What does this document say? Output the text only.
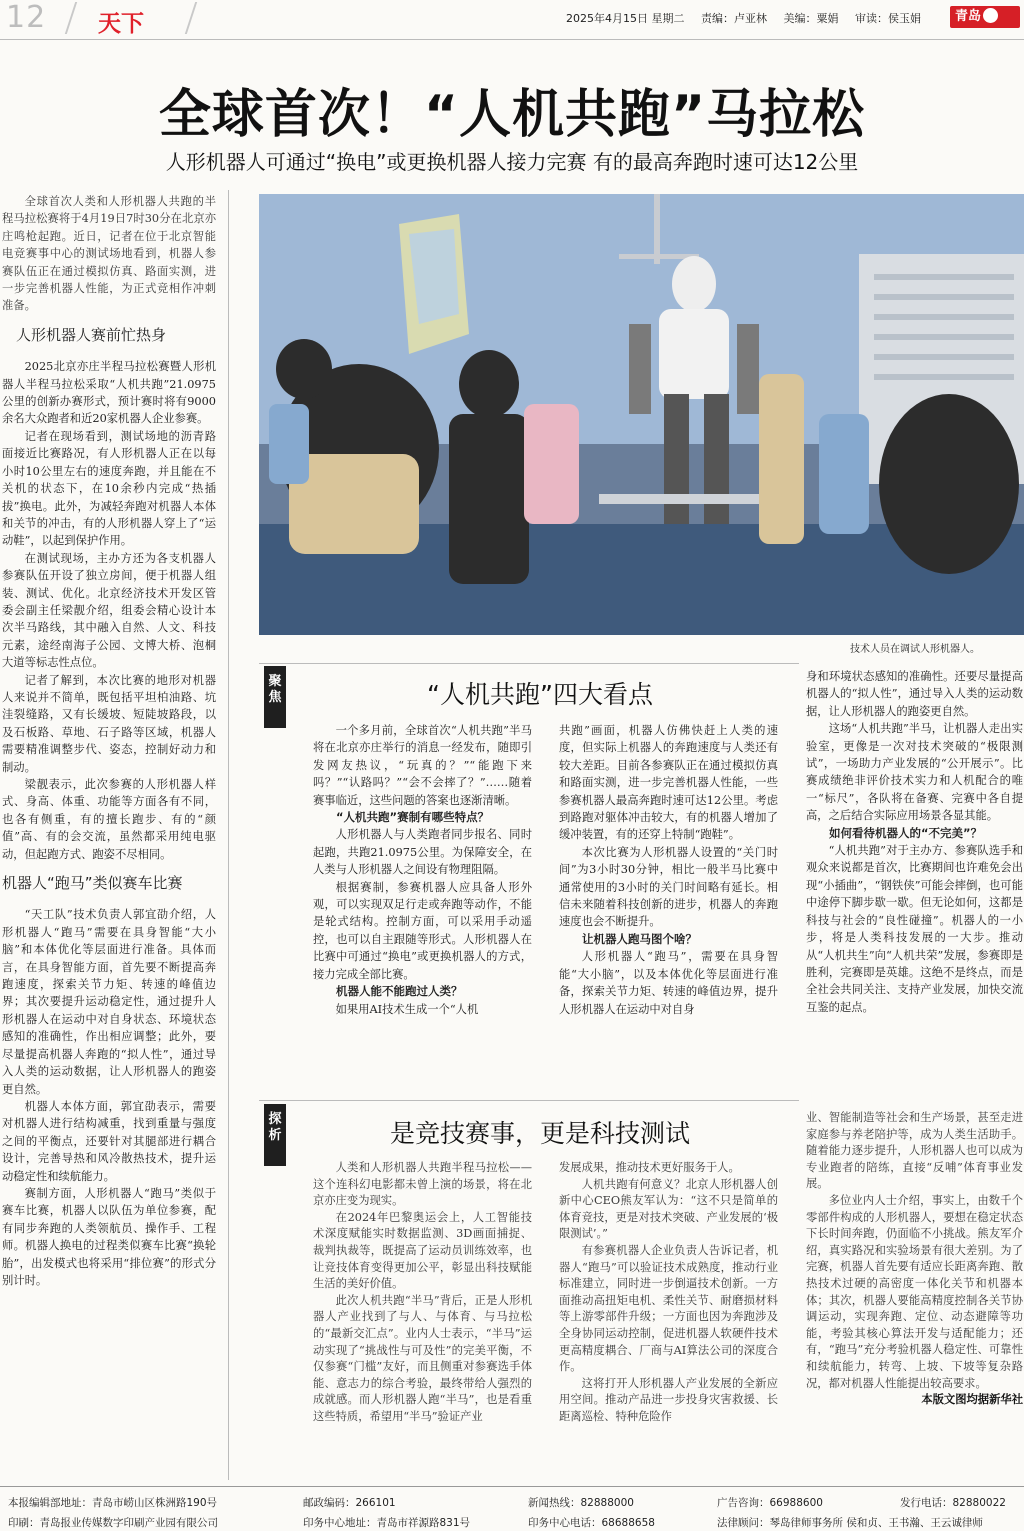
12 天下	2025年4月15日 星期二 责编：卢亚林 美编：粟娟 审读：侯玉娟	青岛
全球首次！“人机共跑”马拉松
人形机器人可通过“换电”或更换机器人接力完赛 有的最高奔跑时速可达12公里

全球首次人类和人形机器人共跑的半程马拉松赛将于4月19日7时30分在北京亦庄鸣枪起跑。近日，记者在位于北京智能电竞赛事中心的测试场地看到，机器人参赛队伍正在通过模拟仿真、路面实测，进一步完善机器人性能，为正式竞相作冲刺准备。

人形机器人赛前忙热身

2025北京亦庄半程马拉松赛暨人形机器人半程马拉松采取“人机共跑”21.0975公里的创新办赛形式，预计赛时将有9000余名大众跑者和近20家机器人企业参赛。

记者在现场看到，测试场地的沥青路面接近比赛路况，有人形机器人正在以每小时10公里左右的速度奔跑，并且能在不关机的状态下，在10余秒内完成“热插拔”换电。此外，为减轻奔跑对机器人本体和关节的冲击，有的人形机器人穿上了“运动鞋”，以起到保护作用。

在测试现场，主办方还为各支机器人参赛队伍开设了独立房间，便于机器人组装、测试、优化。北京经济技术开发区管委会副主任梁靓介绍，组委会精心设计本次半马路线，其中融入自然、人文、科技元素，途经南海子公园、文博大桥、泡桐大道等标志性点位。

记者了解到，本次比赛的地形对机器人来说并不简单，既包括平坦柏油路、坑洼裂缝路，又有长缓坡、短陡坡路段，以及石板路、草地、石子路等区域，机器人需要精准调整步代、姿态，控制好动力和制动。

梁靓表示，此次参赛的人形机器人样式、身高、体重、功能等方面各有不同，也各有侧重，有的擅长跑步、有的“颜值”高、有的会交流，虽然都采用纯电驱动，但起跑方式、跑姿不尽相同。

机器人“跑马”类似赛车比赛

“天工队”技术负责人郭宜劭介绍，人形机器人“跑马”需要在具身智能“大小脑”和本体优化等层面进行准备。具体而言，在具身智能方面，首先要不断提高奔跑速度，探索关节力矩、转速的峰值边界；其次要提升运动稳定性，通过提升人形机器人在运动中对自身状态、环境状态感知的准确性，作出相应调整；此外，要尽量提高机器人奔跑的“拟人性”，通过导入人类的运动数据，让人形机器人的跑姿更自然。

机器人本体方面，郭宜劭表示，需要对机器人进行结构减重，找到重量与强度之间的平衡点，还要针对其腿部进行耦合设计，完善导热和风冷散热技术，提升运动稳定性和续航能力。

赛制方面，人形机器人“跑马”类似于赛车比赛，机器人以队伍为单位参赛，配有同步奔跑的人类领航员、操作手、工程师。机器人换电的过程类似赛车比赛“换轮胎”，出发模式也将采用“排位赛”的形式分别计时。

技术人员在调试人形机器人。
聚焦	“人机共跑”四大看点

一个多月前，全球首次“人机共跑”半马将在北京亦庄举行的消息一经发布，随即引发网友热议，“玩真的？”“能跑下来吗？”“认路吗？”“会不会摔了？”……随着赛事临近，这些问题的答案也逐渐清晰。

“人机共跑”赛制有哪些特点？

人形机器人与人类跑者同步报名、同时起跑，共跑21.0975公里。为保障安全，在人类与人形机器人之间设有物理阻隔。

根据赛制，参赛机器人应具备人形外观，可以实现双足行走或奔跑等动作，不能是轮式结构。控制方面，可以采用手动遥控，也可以自主跟随等形式。人形机器人在比赛中可通过“换电”或更换机器人的方式，接力完成全部比赛。

机器人能不能跑过人类？

如果用AI技术生成一个“人机

共跑”画面，机器人仿佛快赶上人类的速度，但实际上机器人的奔跑速度与人类还有较大差距。目前各参赛队正在通过模拟仿真和路面实测，进一步完善机器人性能，一些参赛机器人最高奔跑时速可达12公里。考虑到路跑对躯体冲击较大，有的机器人增加了缓冲装置，有的还穿上特制“跑鞋”。

本次比赛为人形机器人设置的“关门时间”为3小时30分钟，相比一般半马比赛中通常使用的3小时的关门时间略有延长。相信未来随着科技创新的进步，机器人的奔跑速度也会不断提升。

让机器人跑马图个啥？

人形机器人“跑马”，需要在具身智能“大小脑”，以及本体优化等层面进行准备，探索关节力矩、转速的峰值边界，提升人形机器人在运动中对自身

身和环境状态感知的准确性。还要尽量提高机器人的“拟人性”，通过导入人类的运动数据，让人形机器人的跑姿更自然。

这场“人机共跑”半马，让机器人走出实验室，更像是一次对技术突破的“极限测试”，一场助力产业发展的“公开展示”。比赛成绩绝非评价技术实力和人机配合的唯一“标尺”，各队将在备赛、完赛中各自提高，之后结合实际应用场景各显其能。

如何看待机器人的“不完美”？

“人机共跑”对于主办方、参赛队选手和观众来说都是首次，比赛期间也许难免会出现“小插曲”，“钢铁侠”可能会摔倒，也可能中途停下脚步歇一歇。但无论如何，这都是科技与社会的“良性碰撞”。机器人的一小步，将是人类科技发展的一大步。推动从“人机共生”向“人机共荣”发展，参赛即是胜利，完赛即是英雄。这绝不是终点，而是全社会共同关注、支持产业发展，加快交流互鉴的起点。

探析	是竞技赛事，更是科技测试

人类和人形机器人共跑半程马拉松——这个连科幻电影都未曾上演的场景，将在北京亦庄变为现实。

在2024年巴黎奥运会上，人工智能技术深度赋能实时数据监测、3D画面捕捉、裁判执裁等，既提高了运动员训练效率，也让竞技体育变得更加公平，彰显出科技赋能生活的美好价值。

此次人机共跑“半马”背后，正是人形机器人产业找到了与人、与体育、与马拉松的“最新交汇点”。业内人士表示，“半马”运动实现了“挑战性与可及性”的完美平衡，不仅参赛“门槛”友好，而且侧重对参赛选手体能、意志力的综合考验，最终带给人强烈的成就感。而人形机器人跑“半马”，也是看重这些特质，希望用“半马”验证产业

发展成果，推动技术更好服务于人。

人机共跑有何意义？北京人形机器人创新中心CEO熊友军认为：“这不只是简单的体育竞技，更是对技术突破、产业发展的‘极限测试’。”

有参赛机器人企业负责人告诉记者，机器人“跑马”可以验证技术成熟度，推动行业标准建立，同时进一步倒逼技术创新。一方面推动高扭矩电机、柔性关节、耐磨损材料等上游零部件升级；一方面也因为奔跑涉及全身协同运动控制，促进机器人软硬件技术更高精度耦合、厂商与AI算法公司的深度合作。

这将打开人形机器人产业发展的全新应用空间。推动产品进一步投身灾害救援、长距离巡检、特种危险作

业、智能制造等社会和生产场景，甚至走进家庭参与养老陪护等，成为人类生活助手。随着能力逐步提升，人形机器人也可以成为专业跑者的陪练，直接“反哺”体育事业发展。

多位业内人士介绍，事实上，由数千个零部件构成的人形机器人，要想在稳定状态下长时间奔跑，仍面临不小挑战。熊友军介绍，真实路况和实验场景有很大差别。为了完赛，机器人首先要有适应长距离奔跑、散热技术过硬的高密度一体化关节和机器本体；其次，机器人要能高精度控制各关节协调运动，实现奔跑、定位、动态避障等功能，考验其核心算法开发与适配能力；还有，“跑马”充分考验机器人稳定性、可靠性和续航能力，转弯、上坡、下坡等复杂路况，都对机器人性能提出较高要求。

本版文图均据新华社
本报编辑部地址：青岛市崂山区株洲路190号
印刷：青岛报业传媒数字印刷产业园有限公司
邮政编码：266101
印务中心地址：青岛市祥源路831号
新闻热线：82888000
印务中心电话：68688658
广告咨询：66988600
法律顾问：琴岛律师事务所 侯和贞、王书瀚、王云诚律师
发行电话：82880022
